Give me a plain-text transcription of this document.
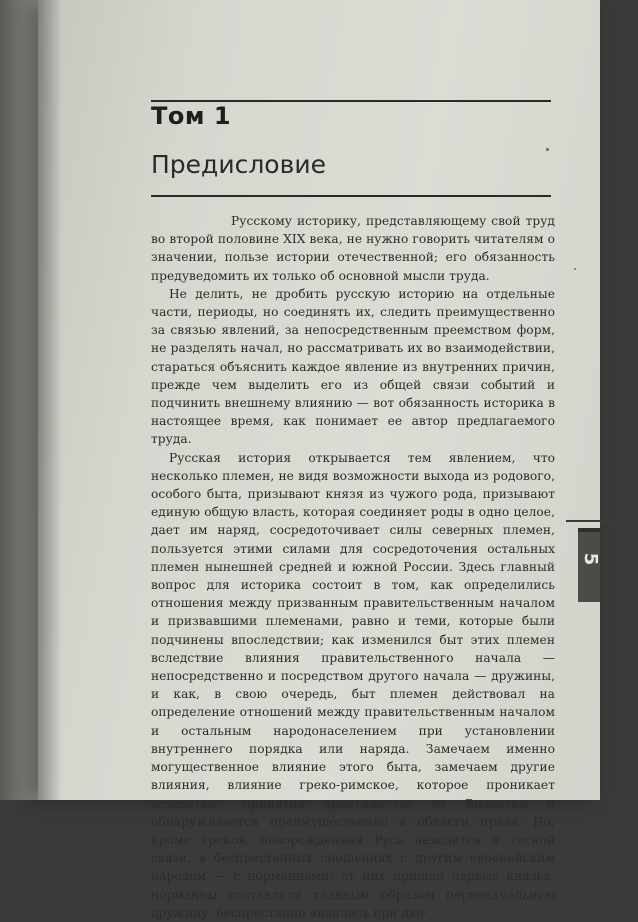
Том 1
Предисловие

Русскому историку, представляющему свой труд во второй половине XIX века, не нужно говорить читателям о значении, пользе истории отечественной; его обязанность предуведомить их только об основной мысли труда.

Не делить, не дробить русскую историю на отдельные части, периоды, но соединять их, следить преимущественно за связью явлений, за непосредственным преемством форм, не разделять начал, но рассматривать их во взаимодействии, стараться объяснить каждое явление из внутренних причин, прежде чем выделить его из общей связи событий и подчинить внешнему влиянию — вот обязанность историка в настоящее время, как понимает ее автор предлагаемого труда.

Русская история открывается тем явлением, что несколько племен, не видя возможности выхода из родового, особого быта, призывают князя из чужого рода, призывают единую общую власть, которая соединяет роды в одно целое, дает им наряд, сосредоточивает силы северных племен, пользуется этими силами для сосредоточения остальных племен нынешней средней и южной России. Здесь главный вопрос для историка состоит в том, как определились отношения между призванным правительственным началом и призвавшими племенами, равно и теми, которые были подчинены впоследствии; как изменился быт этих племен вследствие влияния правительственного начала — непосредственно и посредством другого начала — дружины, и как, в свою очередь, быт племен действовал на определение отношений между правительственным началом и остальным народонаселением при установлении внутреннего порядка или наряда. Замечаем именно могущественное влияние этого быта, замечаем другие влияния, влияние греко-римское, которое проникает вследствие принятия христианства от Византии и обнаруживается преимущественно в области права. Но, кроме греков, новорожденная Русь находится в тесной связи, в беспрестанных сношениях с другим европейским народом — с норманнами: от них пришли первые князья, норманны составляли главным образом первоначальную дружину, беспрестанно являлись при дво-

5
